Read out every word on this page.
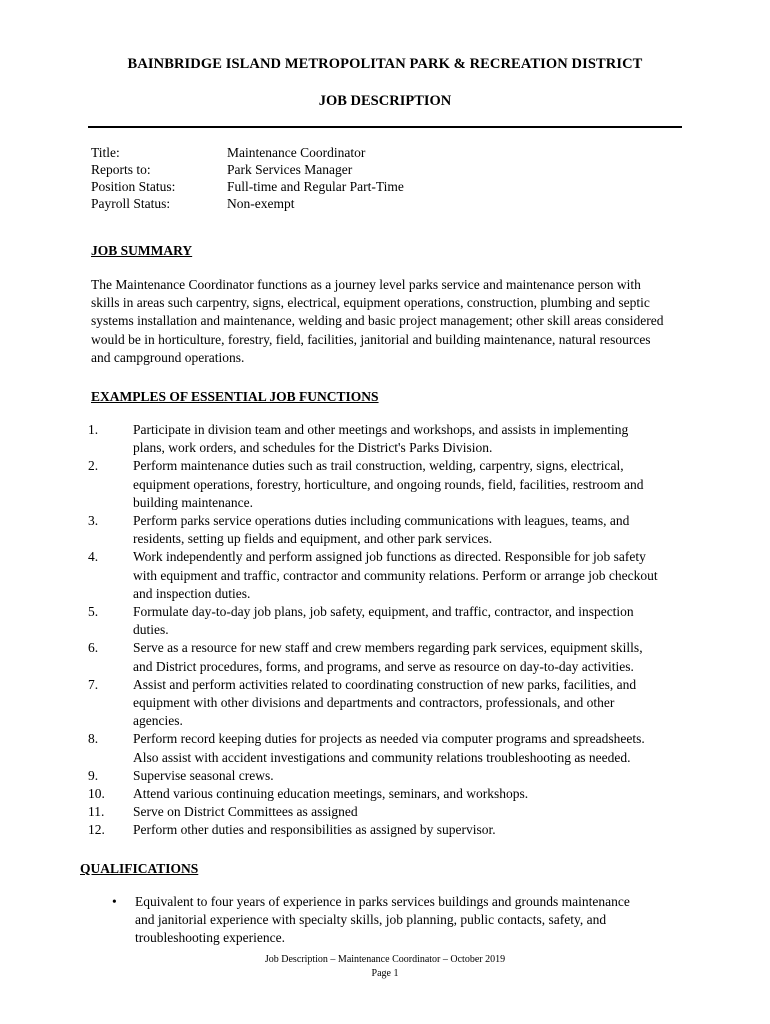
BAINBRIDGE ISLAND METROPOLITAN PARK & RECREATION DISTRICT
JOB DESCRIPTION
Title:	Maintenance Coordinator
Reports to:	Park Services Manager
Position Status:	Full-time and Regular Part-Time
Payroll Status:	Non-exempt
JOB SUMMARY
The Maintenance Coordinator functions as a journey level parks service and maintenance person with
skills in areas such carpentry, signs, electrical, equipment operations, construction, plumbing and septic
systems installation and maintenance, welding and basic project management; other skill areas considered
would be in horticulture, forestry, field, facilities, janitorial and building maintenance, natural resources
and campground operations.
EXAMPLES OF ESSENTIAL JOB FUNCTIONS
1.	Participate in division team and other meetings and workshops, and assists in implementing
plans, work orders, and schedules for the District's Parks Division.
2.	Perform maintenance duties such as trail construction, welding, carpentry, signs, electrical,
equipment operations, forestry, horticulture, and ongoing rounds, field, facilities, restroom and
building maintenance.
3.	Perform parks service operations duties including communications with leagues, teams, and
residents, setting up fields and equipment, and other park services.
4.	Work independently and perform assigned job functions as directed. Responsible for job safety
with equipment and traffic, contractor and community relations. Perform or arrange job checkout
and inspection duties.
5.	Formulate day-to-day job plans, job safety, equipment, and traffic, contractor, and inspection
duties.
6.	Serve as a resource for new staff and crew members regarding park services, equipment skills,
and District procedures, forms, and programs, and serve as resource on day-to-day activities.
7.	Assist and perform activities related to coordinating construction of new parks, facilities, and
equipment with other divisions and departments and contractors, professionals, and other
agencies.
8.	Perform record keeping duties for projects as needed via computer programs and spreadsheets.
Also assist with accident investigations and community relations troubleshooting as needed.
9.	Supervise seasonal crews.
10.	Attend various continuing education meetings, seminars, and workshops.
11.	Serve on District Committees as assigned
12.	Perform other duties and responsibilities as assigned by supervisor.
QUALIFICATIONS
•	Equivalent to four years of experience in parks services buildings and grounds maintenance
and janitorial experience with specialty skills, job planning, public contacts, safety, and
troubleshooting experience.
Job Description – Maintenance Coordinator – October 2019
Page 1
